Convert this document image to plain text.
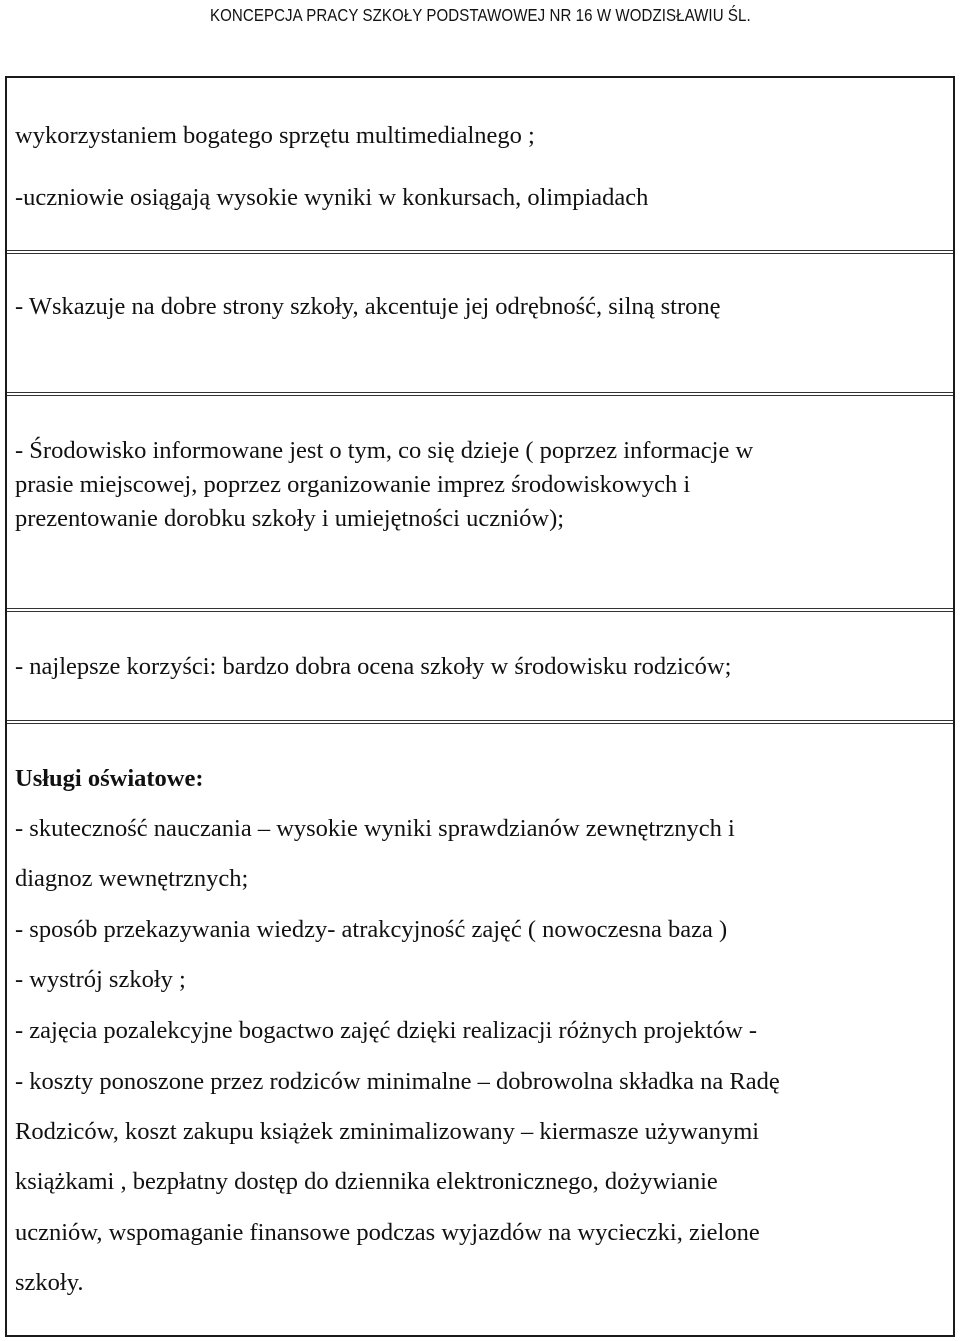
KONCEPCJA PRACY SZKOŁY PODSTAWOWEJ NR 16 W WODZISŁAWIU ŚL.
wykorzystaniem bogatego sprzętu multimedialnego ;
-uczniowie osiągają wysokie wyniki w konkursach, olimpiadach
- Wskazuje na dobre strony szkoły, akcentuje jej odrębność, silną stronę
- Środowisko informowane jest o tym, co się dzieje ( poprzez informacje w
prasie miejscowej, poprzez organizowanie imprez środowiskowych i
prezentowanie dorobku szkoły i umiejętności uczniów);
- najlepsze korzyści: bardzo dobra ocena szkoły w środowisku rodziców;
Usługi oświatowe:
- skuteczność nauczania – wysokie wyniki sprawdzianów zewnętrznych i
diagnoz wewnętrznych;
- sposób przekazywania wiedzy- atrakcyjność zajęć ( nowoczesna baza )
- wystrój szkoły ;
- zajęcia pozalekcyjne bogactwo zajęć dzięki realizacji różnych projektów -
- koszty ponoszone przez rodziców minimalne – dobrowolna składka na Radę
Rodziców, koszt zakupu książek zminimalizowany – kiermasze używanymi
książkami , bezpłatny dostęp do dziennika elektronicznego, dożywianie
uczniów, wspomaganie finansowe podczas wyjazdów na wycieczki, zielone
szkoły.
